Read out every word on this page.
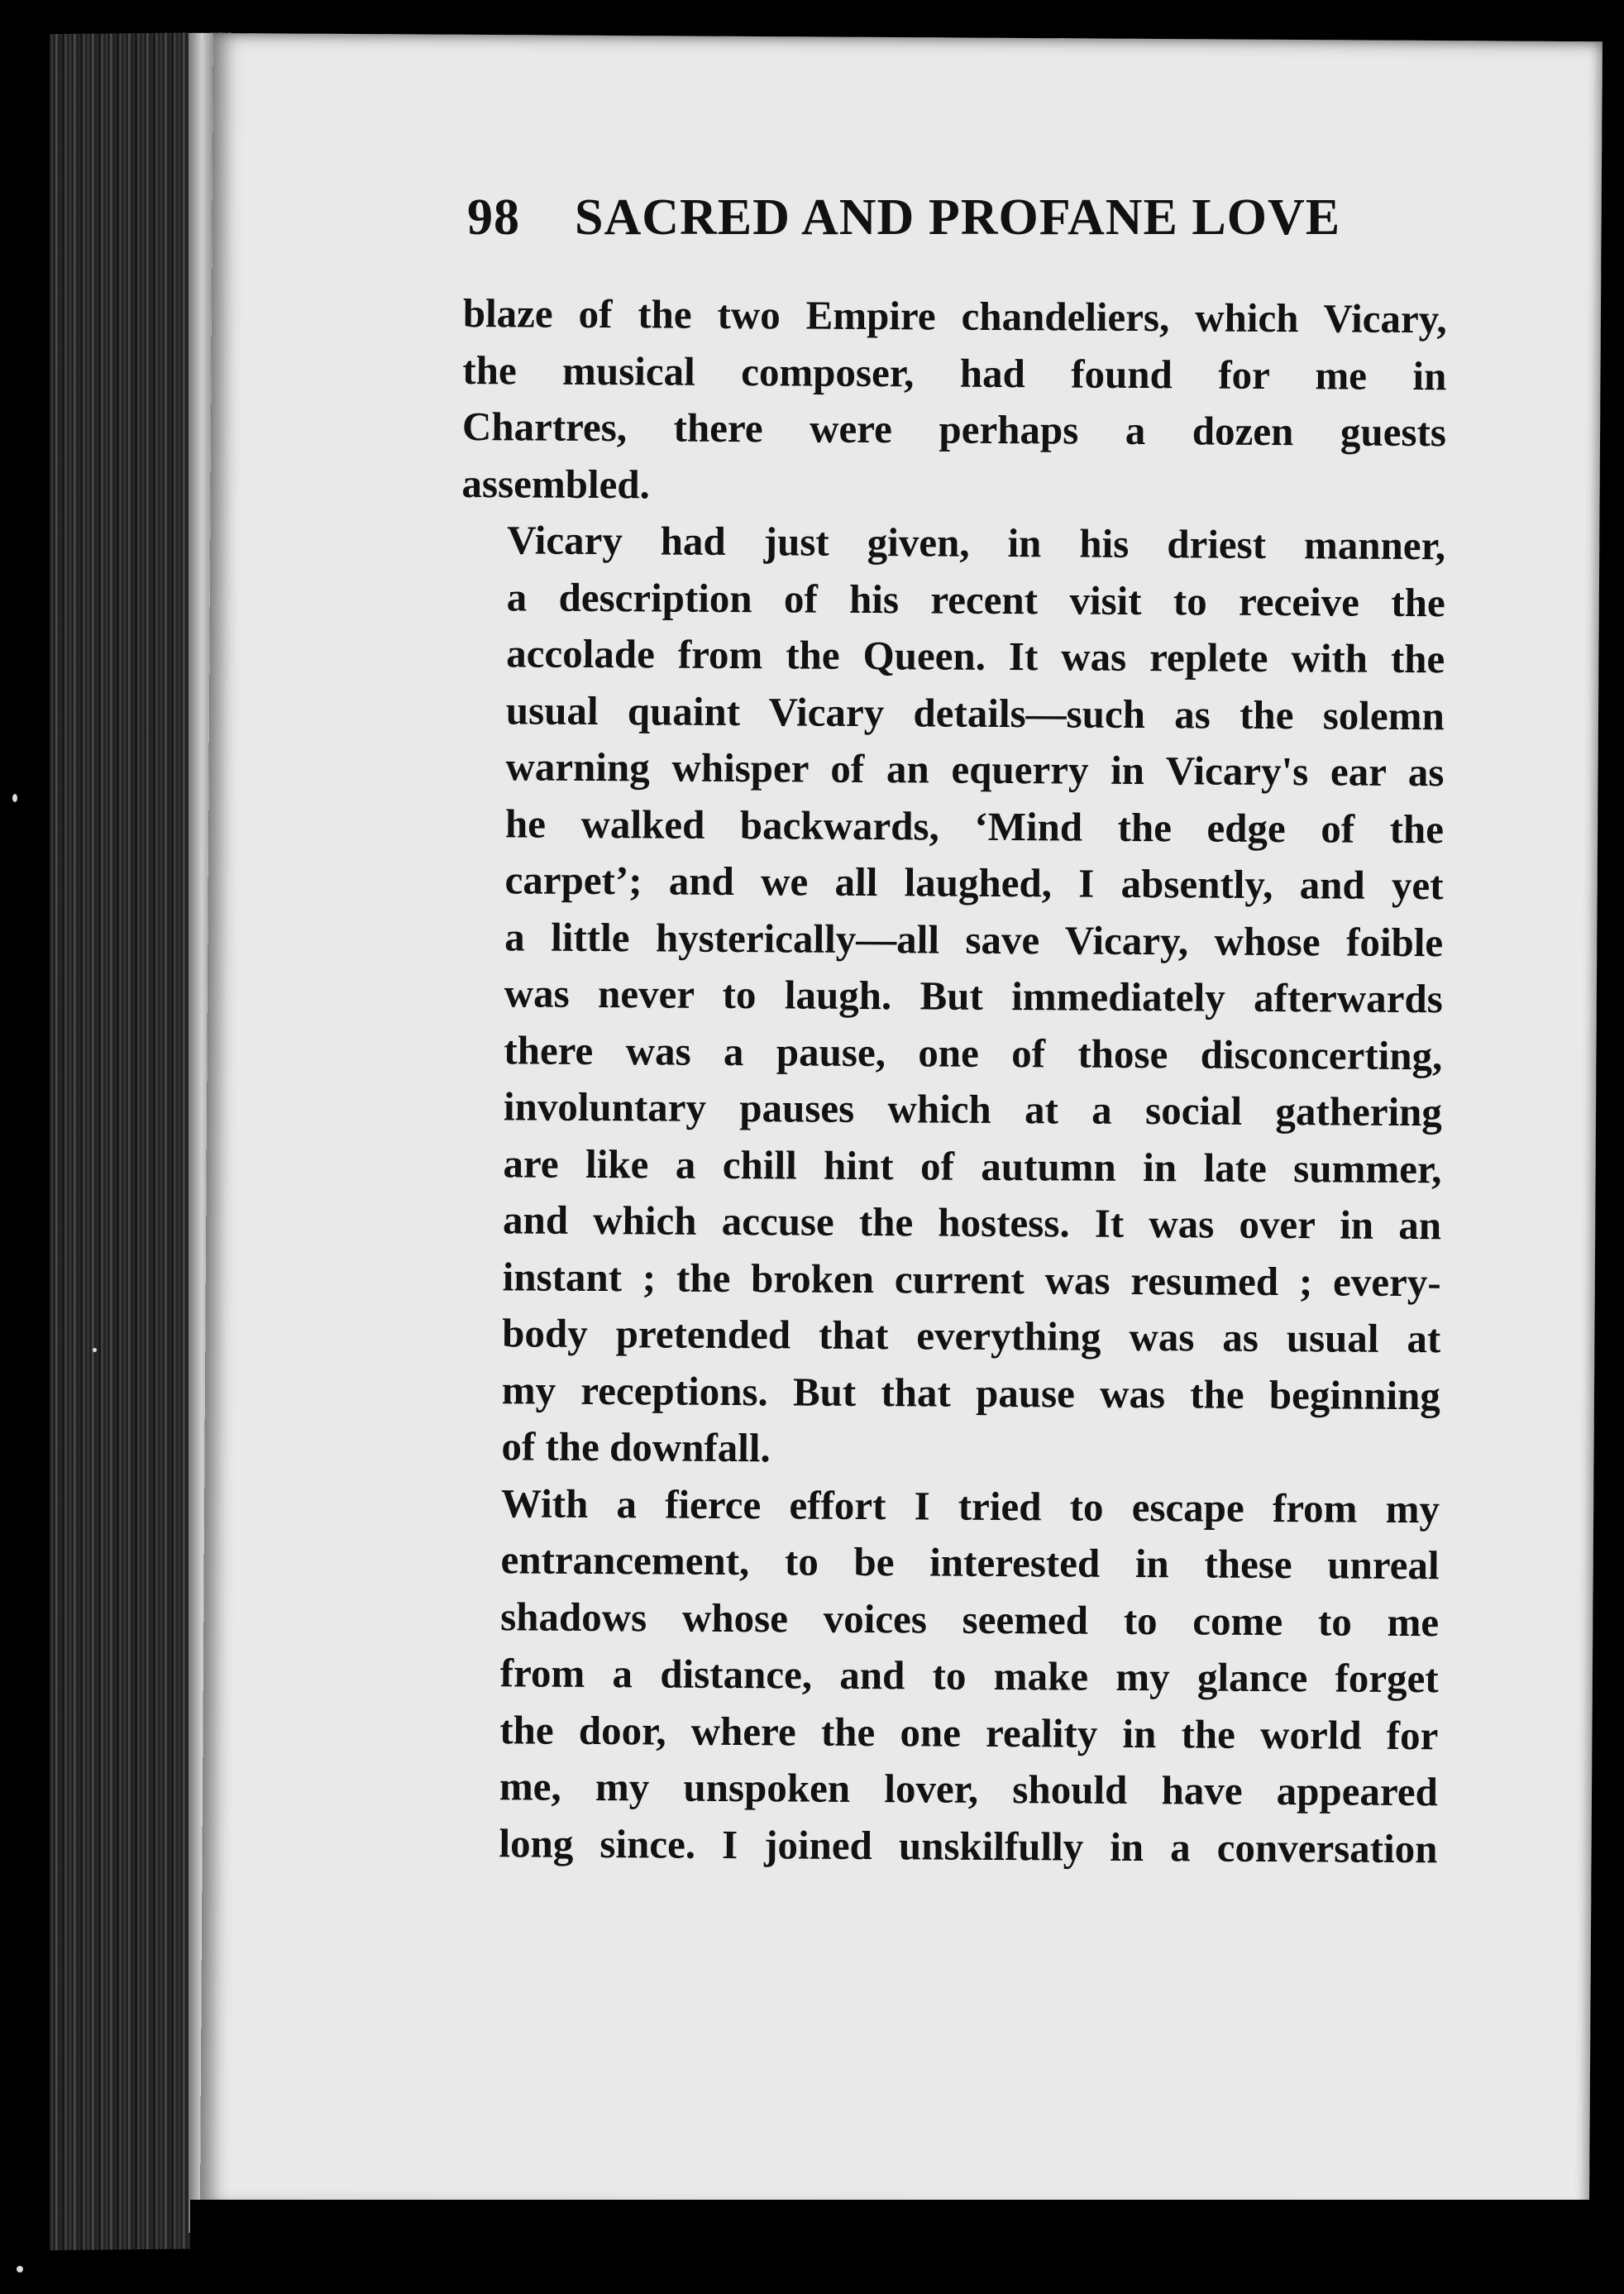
98 SACRED AND PROFANE LOVE

blaze of the two Empire chandeliers, which Vicary,
the musical composer, had found for me in
Chartres, there were perhaps a dozen guests
assembled.

Vicary had just given, in his driest manner,
a description of his recent visit to receive the
accolade from the Queen. It was replete with the
usual quaint Vicary details—such as the solemn
warning whisper of an equerry in Vicary's ear as
he walked backwards, ‘Mind the edge of the
carpet’; and we all laughed, I absently, and yet
a little hysterically—all save Vicary, whose foible
was never to laugh. But immediately afterwards
there was a pause, one of those disconcerting,
involuntary pauses which at a social gathering
are like a chill hint of autumn in late summer,
and which accuse the hostess. It was over in an
instant ; the broken current was resumed ; every-
body pretended that everything was as usual at
my receptions. But that pause was the beginning
of the downfall.

With a fierce effort I tried to escape from my
entrancement, to be interested in these unreal
shadows whose voices seemed to come to me
from a distance, and to make my glance forget
the door, where the one reality in the world for
me, my unspoken lover, should have appeared
long since. I joined unskilfully in a conversation
